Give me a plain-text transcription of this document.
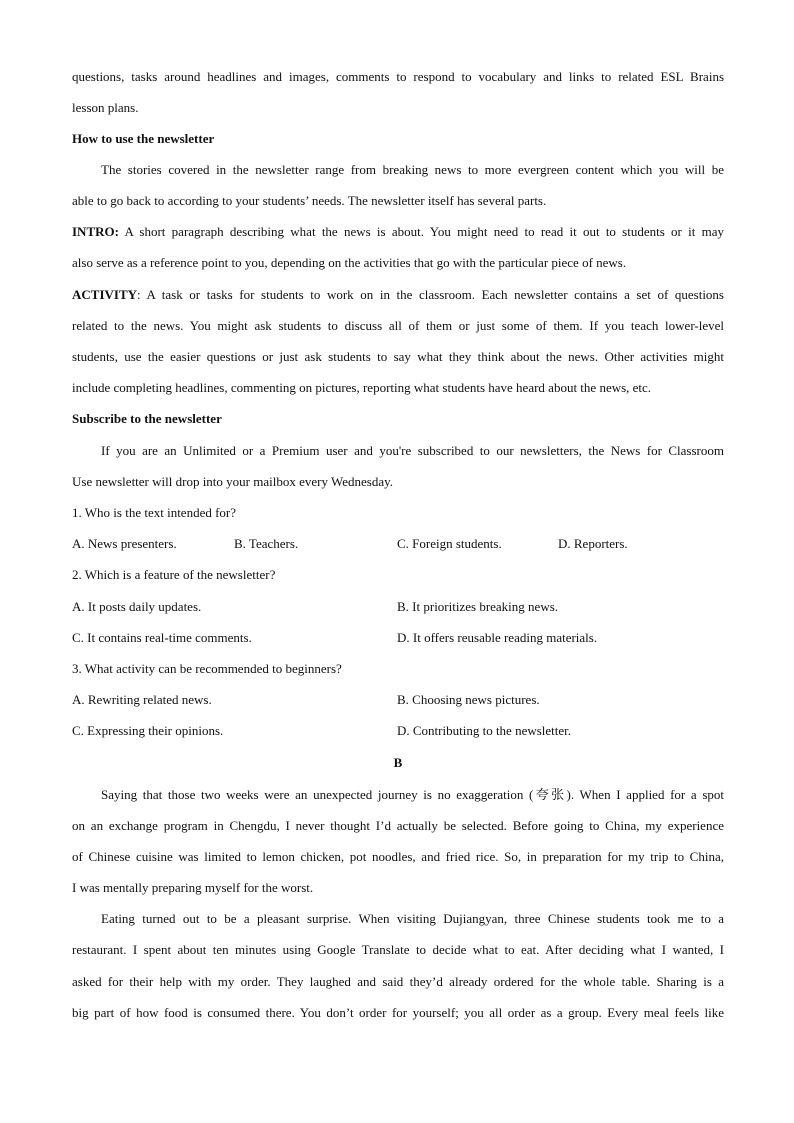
questions, tasks around headlines and images, comments to respond to vocabulary and links to related ESL Brains
lesson plans.
How to use the newsletter
The stories covered in the newsletter range from breaking news to more evergreen content which you will be
able to go back to according to your students’ needs. The newsletter itself has several parts.
INTRO: A short paragraph describing what the news is about. You might need to read it out to students or it may
also serve as a reference point to you, depending on the activities that go with the particular piece of news.
ACTIVITY: A task or tasks for students to work on in the classroom. Each newsletter contains a set of questions
related to the news. You might ask students to discuss all of them or just some of them. If you teach lower-level
students, use the easier questions or just ask students to say what they think about the news. Other activities might
include completing headlines, commenting on pictures, reporting what students have heard about the news, etc.
Subscribe to the newsletter
If you are an Unlimited or a Premium user and you're subscribed to our newsletters, the News for Classroom
Use newsletter will drop into your mailbox every Wednesday.
1. Who is the text intended for?
A. News presenters.	B. Teachers.	C. Foreign students.	D. Reporters.
2. Which is a feature of the newsletter?
A. It posts daily updates.	B. It prioritizes breaking news.
C. It contains real-time comments.	D. It offers reusable reading materials.
3. What activity can be recommended to beginners?
A. Rewriting related news.	B. Choosing news pictures.
C. Expressing their opinions.	D. Contributing to the newsletter.
B
Saying that those two weeks were an unexpected journey is no exaggeration (夸张). When I applied for a spot
on an exchange program in Chengdu, I never thought I’d actually be selected. Before going to China, my experience
of Chinese cuisine was limited to lemon chicken, pot noodles, and fried rice. So, in preparation for my trip to China,
I was mentally preparing myself for the worst.
Eating turned out to be a pleasant surprise. When visiting Dujiangyan, three Chinese students took me to a
restaurant. I spent about ten minutes using Google Translate to decide what to eat. After deciding what I wanted, I
asked for their help with my order. They laughed and said they’d already ordered for the whole table. Sharing is a
big part of how food is consumed there. You don’t order for yourself; you all order as a group. Every meal feels like
